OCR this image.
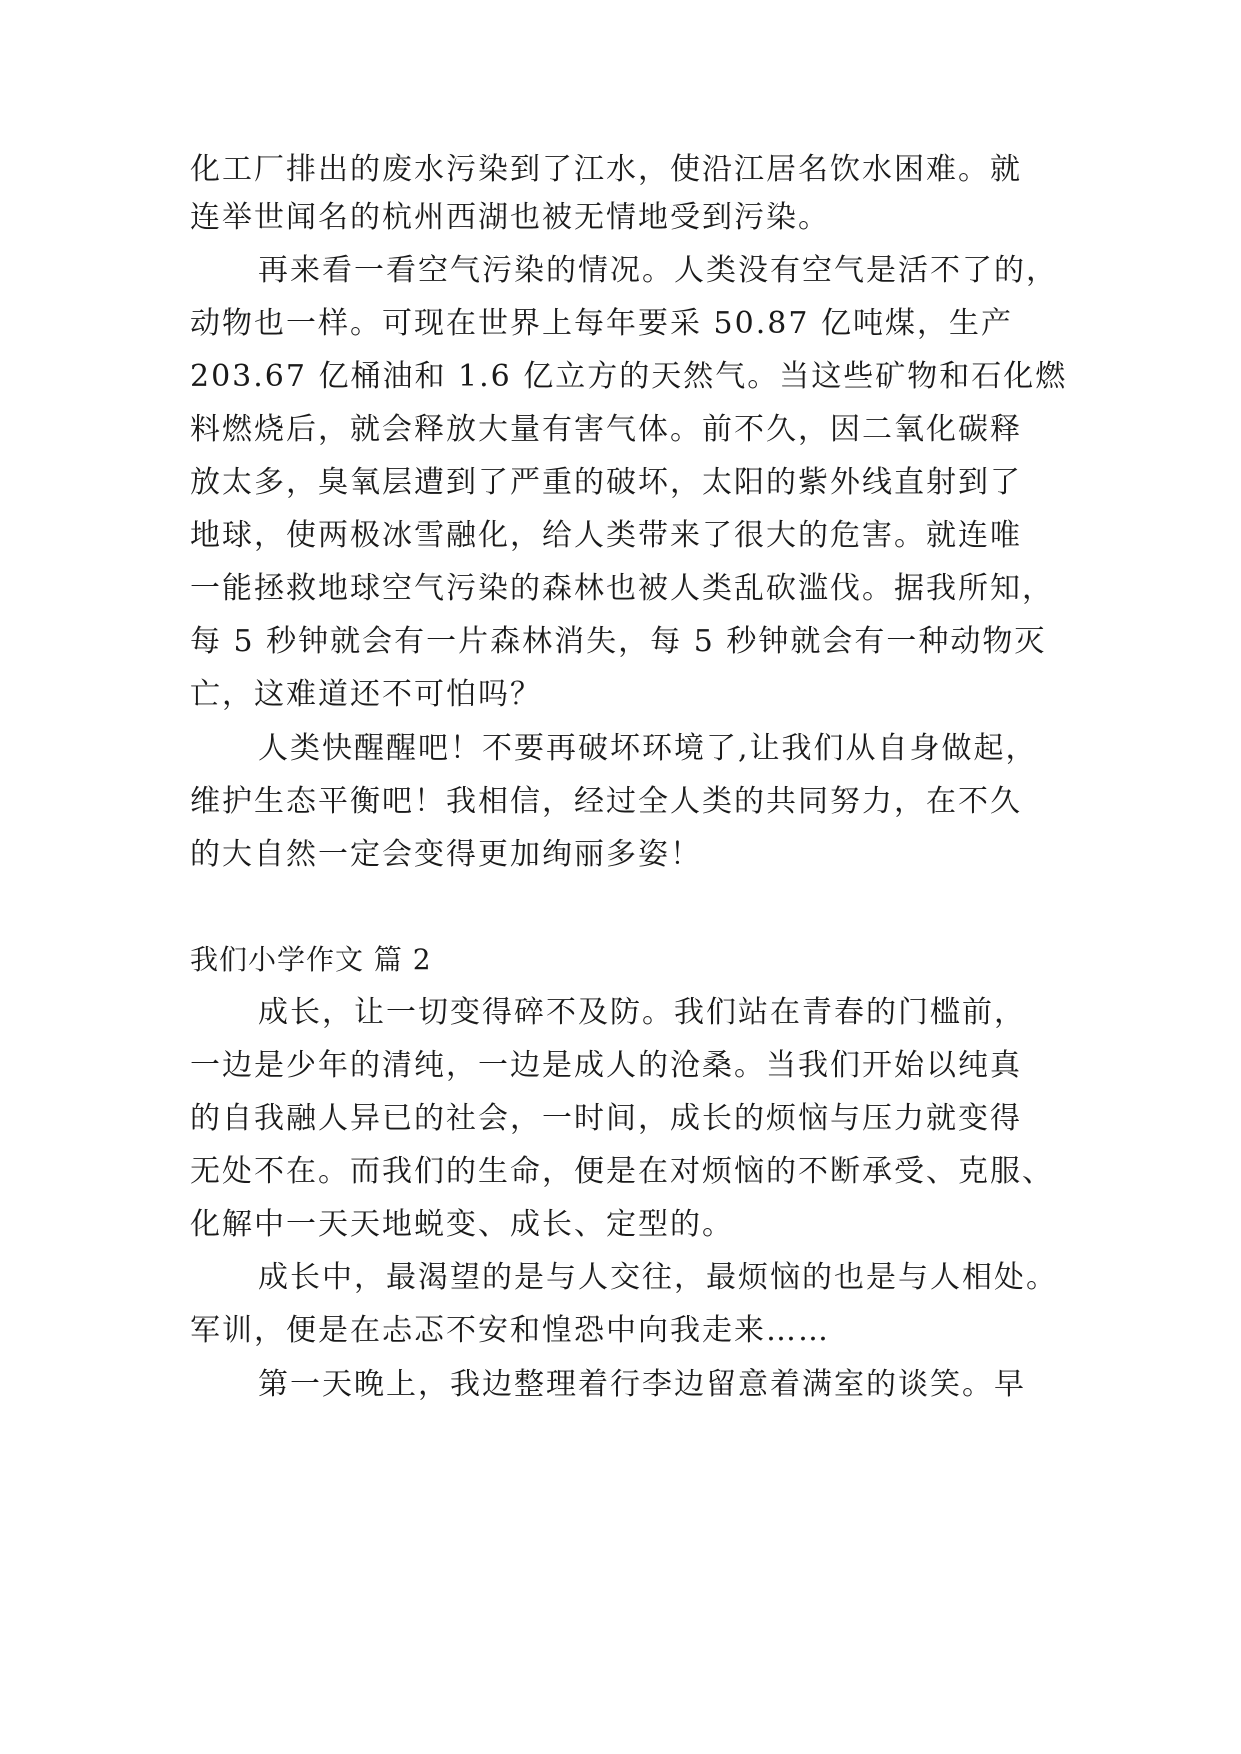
化工厂排出的废水污染到了江水，使沿江居名饮水困难。就
连举世闻名的杭州西湖也被无情地受到污染。
再来看一看空气污染的情况。人类没有空气是活不了的，
动物也一样。可现在世界上每年要采 50.87 亿吨煤，生产
203.67 亿桶油和 1.6 亿立方的天然气。当这些矿物和石化燃
料燃烧后，就会释放大量有害气体。前不久，因二氧化碳释
放太多，臭氧层遭到了严重的破坏，太阳的紫外线直射到了
地球，使两极冰雪融化，给人类带来了很大的危害。就连唯
一能拯救地球空气污染的森林也被人类乱砍滥伐。据我所知，
每 5 秒钟就会有一片森林消失，每 5 秒钟就会有一种动物灭
亡，这难道还不可怕吗？
人类快醒醒吧！不要再破坏环境了,让我们从自身做起，
维护生态平衡吧！我相信，经过全人类的共同努力，在不久
的大自然一定会变得更加绚丽多姿！
我们小学作文 篇 2
成长，让一切变得碎不及防。我们站在青春的门槛前，
一边是少年的清纯，一边是成人的沧桑。当我们开始以纯真
的自我融人异已的社会，一时间，成长的烦恼与压力就变得
无处不在。而我们的生命，便是在对烦恼的不断承受、克服、
化解中一天天地蜕变、成长、定型的。
成长中，最渴望的是与人交往，最烦恼的也是与人相处。
军训，便是在忐忑不安和惶恐中向我走来……
第一天晚上，我边整理着行李边留意着满室的谈笑。早
